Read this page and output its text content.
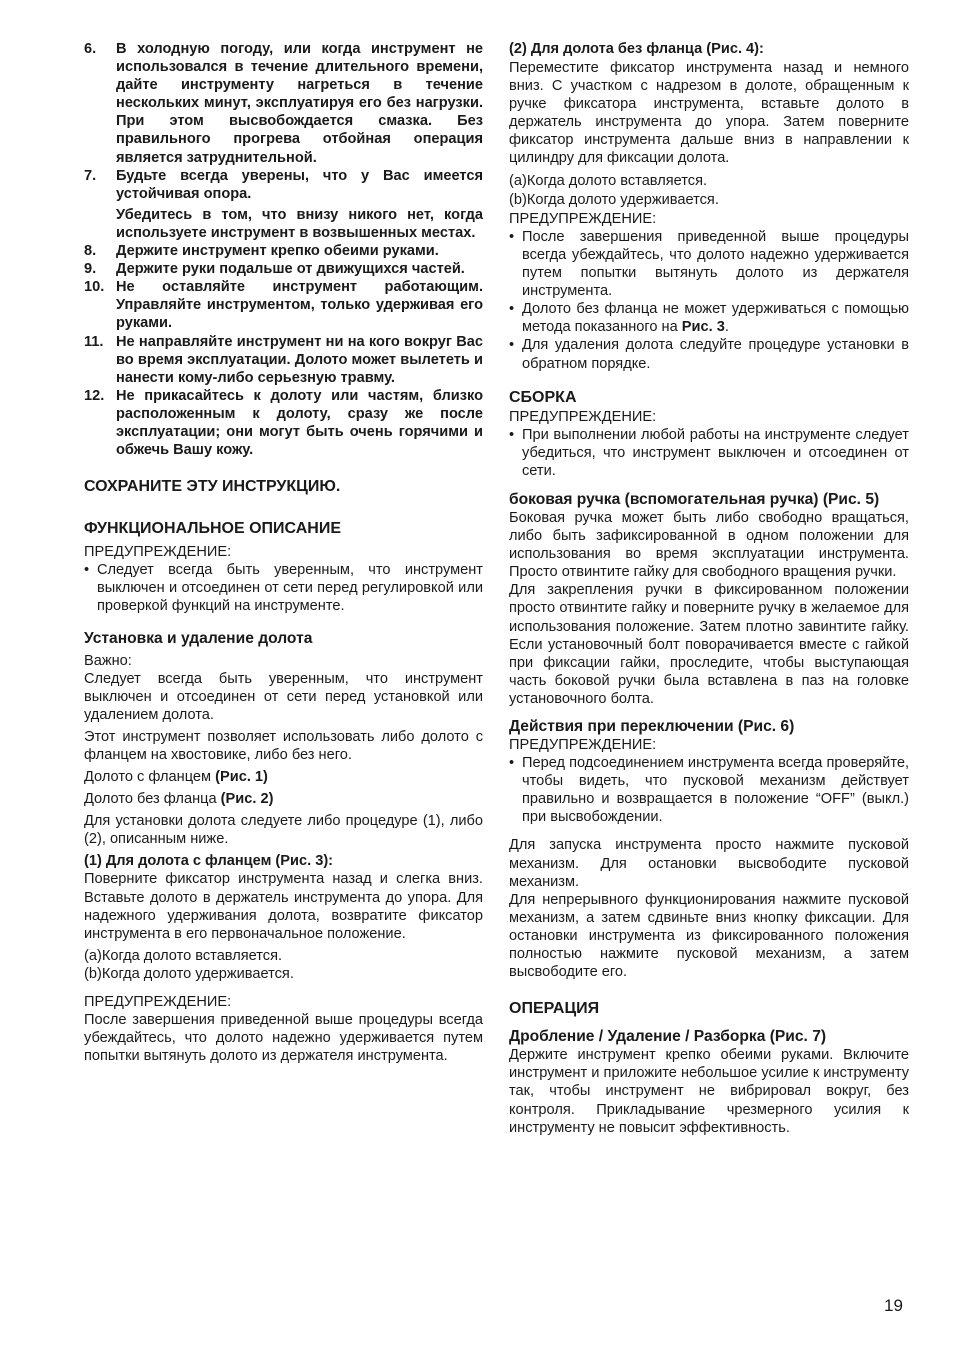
6.	В холодную погоду, или когда инструмент не использовался в течение длительного времени, дайте инструменту нагреться в течение нескольких минут, эксплуатируя его без нагрузки. При этом высвобождается смазка. Без правильного прогрева отбойная операция является затруднительной.
7.	Будьте всегда уверены, что у Вас имеется устойчивая опора.

Убедитесь в том, что внизу никого нет, когда используете инструмент в возвышенных местах.

8.	Держите инструмент крепко обеими руками.
9.	Держите руки подальше от движущихся частей.
10. Не оставляйте инструмент работающим. Управляйте инструментом, только удерживая его руками.
11. Не направляйте инструмент ни на кого вокруг Вас во время эксплуатации. Долото может вылететь и нанести кому-либо серьезную травму.
12. Не прикасайтесь к долоту или частям, близко расположенным к долоту, сразу же после эксплуатации; они могут быть очень горячими и обжечь Вашу кожу.
СОХРАНИТЕ ЭТУ ИНСТРУКЦИЮ.
ФУНКЦИОНАЛЬНОЕ ОПИСАНИЕ

ПРЕДУПРЕЖДЕНИЕ:

• Следует всегда быть уверенным, что инструмент выключен и отсоединен от сети перед регулировкой или проверкой функций на инструменте.
Установка и удаление долота

Важно:

Следует всегда быть уверенным, что инструмент выключен и отсоединен от сети перед установкой или удалением долота.

Этот инструмент позволяет использовать либо долото с фланцем на хвостовике, либо без него.

Долото с фланцем (Рис. 1)

Долото без фланца (Рис. 2)

Для установки долота следуете либо процедуре (1), либо (2), описанным ниже.

(1) Для долота с фланцем (Рис. 3):

Поверните фиксатор инструмента назад и слегка вниз. Вставьте долото в держатель инструмента до упора. Для надежного удерживания долота, возвратите фиксатор инструмента в его первоначальное положение.

(a)Когда долото вставляется.

(b)Когда долото удерживается.

ПРЕДУПРЕЖДЕНИЕ:

После завершения приведенной выше процедуры всегда убеждайтесь, что долото надежно удерживается путем попытки вытянуть долото из держателя инструмента.

(2) Для долота без фланца (Рис. 4):

Переместите фиксатор инструмента назад и немного вниз. С участком с надрезом в долоте, обращенным к ручке фиксатора инструмента, вставьте долото в держатель инструмента до упора. Затем поверните фиксатор инструмента дальше вниз в направлении к цилиндру для фиксации долота.

(a)Когда долото вставляется.

(b)Когда долото удерживается.

ПРЕДУПРЕЖДЕНИЕ:

• После завершения приведенной выше процедуры всегда убеждайтесь, что долото надежно удерживается путем попытки вытянуть долото из держателя инструмента.
• Долото без фланца не может удерживаться с помощью метода показанного на Рис. 3.
• Для удаления долота следуйте процедуре установки в обратном порядке.
СБОРКА

ПРЕДУПРЕЖДЕНИЕ:

• При выполнении любой работы на инструменте следует убедиться, что инструмент выключен и отсоединен от сети.
боковая ручка (вспомогательная ручка) (Рис. 5)

Боковая ручка может быть либо свободно вращаться, либо быть зафиксированной в одном положении для использования во время эксплуатации инструмента. Просто отвинтите гайку для свободного вращения ручки.

Для закрепления ручки в фиксированном положении просто отвинтите гайку и поверните ручку в желаемое для использования положение. Затем плотно завинтите гайку. Если установочный болт поворачивается вместе с гайкой при фиксации гайки, проследите, чтобы выступающая часть боковой ручки была вставлена в паз на головке установочного болта.

Действия при переключении (Рис. 6)

ПРЕДУПРЕЖДЕНИЕ:

• Перед подсоединением инструмента всегда проверяйте, чтобы видеть, что пусковой механизм действует правильно и возвращается в положение “OFF” (выкл.) при высвобождении.

Для запуска инструмента просто нажмите пусковой механизм. Для остановки высвободите пусковой механизм.

Для непрерывного функционирования нажмите пусковой механизм, а затем сдвиньте вниз кнопку фиксации. Для остановки инструмента из фиксированного положения полностью нажмите пусковой механизм, а затем высвободите его.

ОПЕРАЦИЯ
Дробление / Удаление / Разборка (Рис. 7)

Держите инструмент крепко обеими руками. Включите инструмент и приложите небольшое усилие к инструменту так, чтобы инструмент не вибрировал вокруг, без контроля. Прикладывание чрезмерного усилия к инструменту не повысит эффективность.

19
